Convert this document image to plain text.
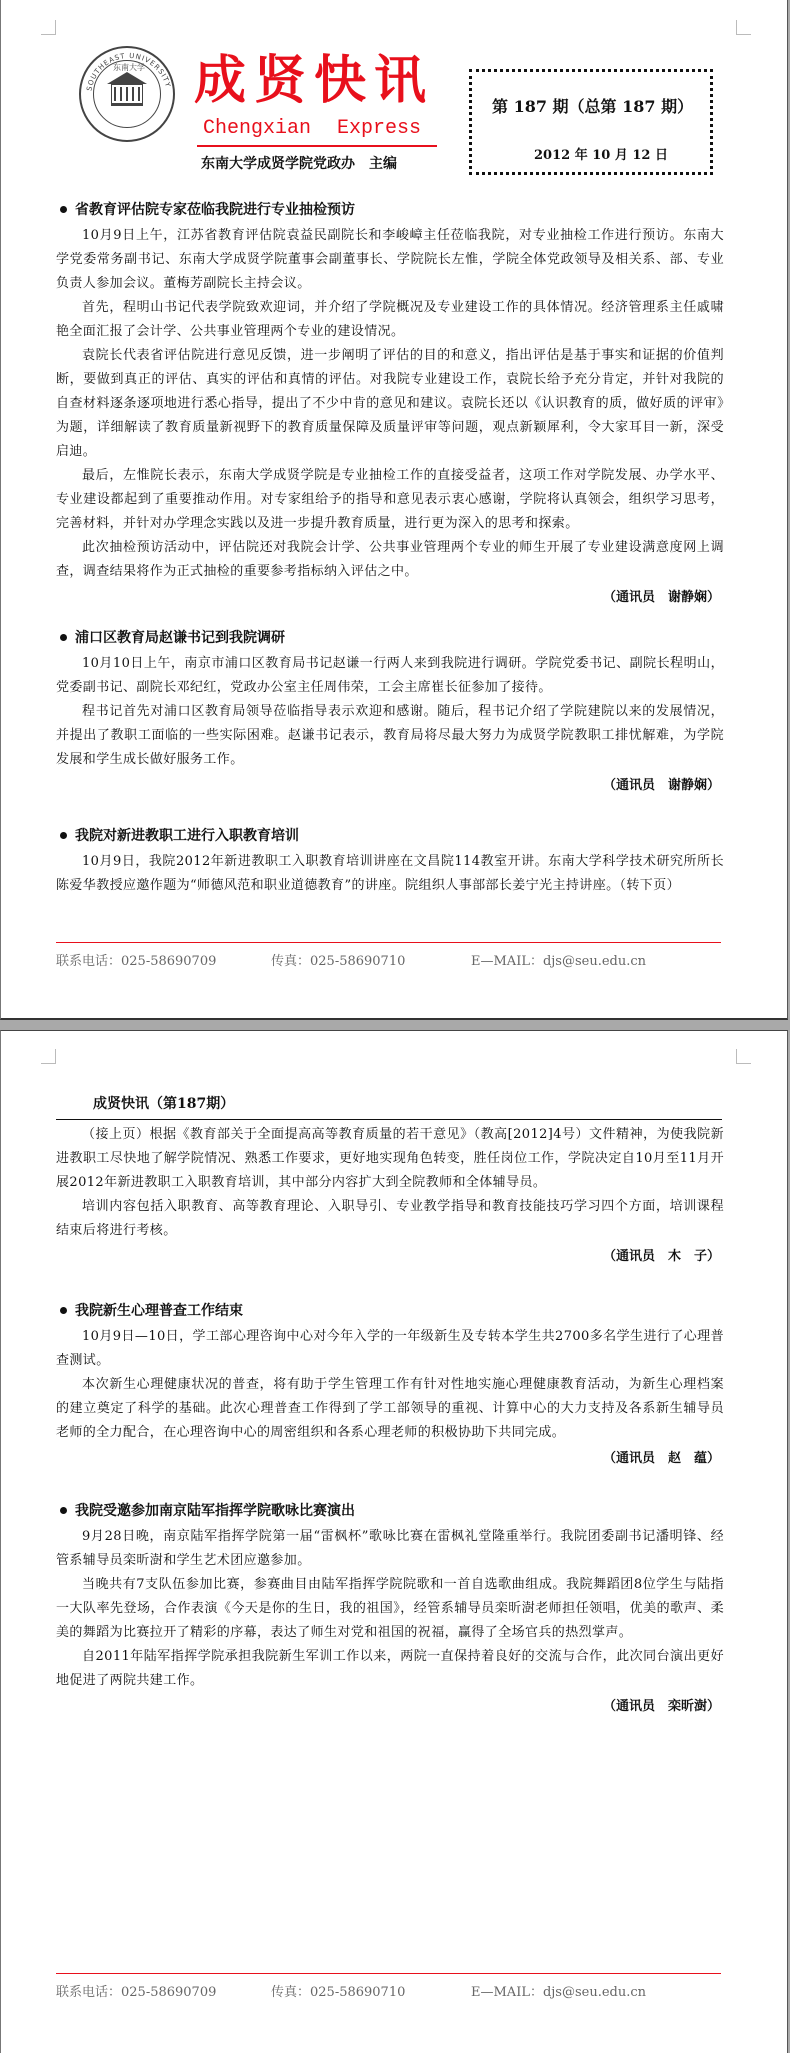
SOUTHEAST UNIVERSITY
东南大学 成贤快讯
Chengxian Express
东南大学成贤学院党政办　主编
第 187 期（总第 187 期）
2012 年 10 月 12 日
省教育评估院专家莅临我院进行专业抽检预访

10月9日上午，江苏省教育评估院袁益民副院长和李峻嶂主任莅临我院，对专业抽检工作进行预访。东南大学党委常务副书记、东南大学成贤学院董事会副董事长、学院院长左惟，学院全体党政领导及相关系、部、专业负责人参加会议。董梅芳副院长主持会议。

首先，程明山书记代表学院致欢迎词，并介绍了学院概况及专业建设工作的具体情况。经济管理系主任戚啸艳全面汇报了会计学、公共事业管理两个专业的建设情况。

袁院长代表省评估院进行意见反馈，进一步阐明了评估的目的和意义，指出评估是基于事实和证据的价值判断，要做到真正的评估、真实的评估和真情的评估。对我院专业建设工作，袁院长给予充分肯定，并针对我院的自查材料逐条逐项地进行悉心指导，提出了不少中肯的意见和建议。袁院长还以《认识教育的质，做好质的评审》为题，详细解读了教育质量新视野下的教育质量保障及质量评审等问题，观点新颖犀利，令大家耳目一新，深受启迪。

最后，左惟院长表示，东南大学成贤学院是专业抽检工作的直接受益者，这项工作对学院发展、办学水平、专业建设都起到了重要推动作用。对专家组给予的指导和意见表示衷心感谢，学院将认真领会，组织学习思考，完善材料，并针对办学理念实践以及进一步提升教育质量，进行更为深入的思考和探索。

此次抽检预访活动中，评估院还对我院会计学、公共事业管理两个专业的师生开展了专业建设满意度网上调查，调查结果将作为正式抽检的重要参考指标纳入评估之中。

（通讯员　谢静娴）

浦口区教育局赵谦书记到我院调研

10月10日上午，南京市浦口区教育局书记赵谦一行两人来到我院进行调研。学院党委书记、副院长程明山，党委副书记、副院长邓纪红，党政办公室主任周伟荣，工会主席崔长征参加了接待。

程书记首先对浦口区教育局领导莅临指导表示欢迎和感谢。随后，程书记介绍了学院建院以来的发展情况，并提出了教职工面临的一些实际困难。赵谦书记表示，教育局将尽最大努力为成贤学院教职工排忧解难，为学院发展和学生成长做好服务工作。

（通讯员　谢静娴）

我院对新进教职工进行入职教育培训

10月9日，我院2012年新进教职工入职教育培训讲座在文昌院114教室开讲。东南大学科学技术研究所所长陈爱华教授应邀作题为“师德风范和职业道德教育”的讲座。院组织人事部部长姜宁光主持讲座。（转下页）

联系电话：025-58690709	传真：025-58690710	E—MAIL：djs@seu.edu.cn
成贤快讯（第187期）

（接上页）根据《教育部关于全面提高高等教育质量的若干意见》（教高[2012]4号）文件精神，为使我院新进教职工尽快地了解学院情况、熟悉工作要求，更好地实现角色转变，胜任岗位工作，学院决定自10月至11月开展2012年新进教职工入职教育培训，其中部分内容扩大到全院教师和全体辅导员。

培训内容包括入职教育、高等教育理论、入职导引、专业教学指导和教育技能技巧学习四个方面，培训课程结束后将进行考核。

（通讯员　木　子）

我院新生心理普查工作结束

10月9日—10日，学工部心理咨询中心对今年入学的一年级新生及专转本学生共2700多名学生进行了心理普查测试。

本次新生心理健康状况的普查，将有助于学生管理工作有针对性地实施心理健康教育活动，为新生心理档案的建立奠定了科学的基础。此次心理普查工作得到了学工部领导的重视、计算中心的大力支持及各系新生辅导员老师的全力配合，在心理咨询中心的周密组织和各系心理老师的积极协助下共同完成。

（通讯员　赵　蕴）

我院受邀参加南京陆军指挥学院歌咏比赛演出

9月28日晚，南京陆军指挥学院第一届“雷枫杯”歌咏比赛在雷枫礼堂隆重举行。我院团委副书记潘明锋、经管系辅导员栾昕澍和学生艺术团应邀参加。

当晚共有7支队伍参加比赛，参赛曲目由陆军指挥学院院歌和一首自选歌曲组成。我院舞蹈团8位学生与陆指一大队率先登场，合作表演《今天是你的生日，我的祖国》，经管系辅导员栾昕澍老师担任领唱，优美的歌声、柔美的舞蹈为比赛拉开了精彩的序幕，表达了师生对党和祖国的祝福，赢得了全场官兵的热烈掌声。

自2011年陆军指挥学院承担我院新生军训工作以来，两院一直保持着良好的交流与合作，此次同台演出更好地促进了两院共建工作。

（通讯员　栾昕澍）

联系电话：025-58690709	传真：025-58690710	E—MAIL：djs@seu.edu.cn
